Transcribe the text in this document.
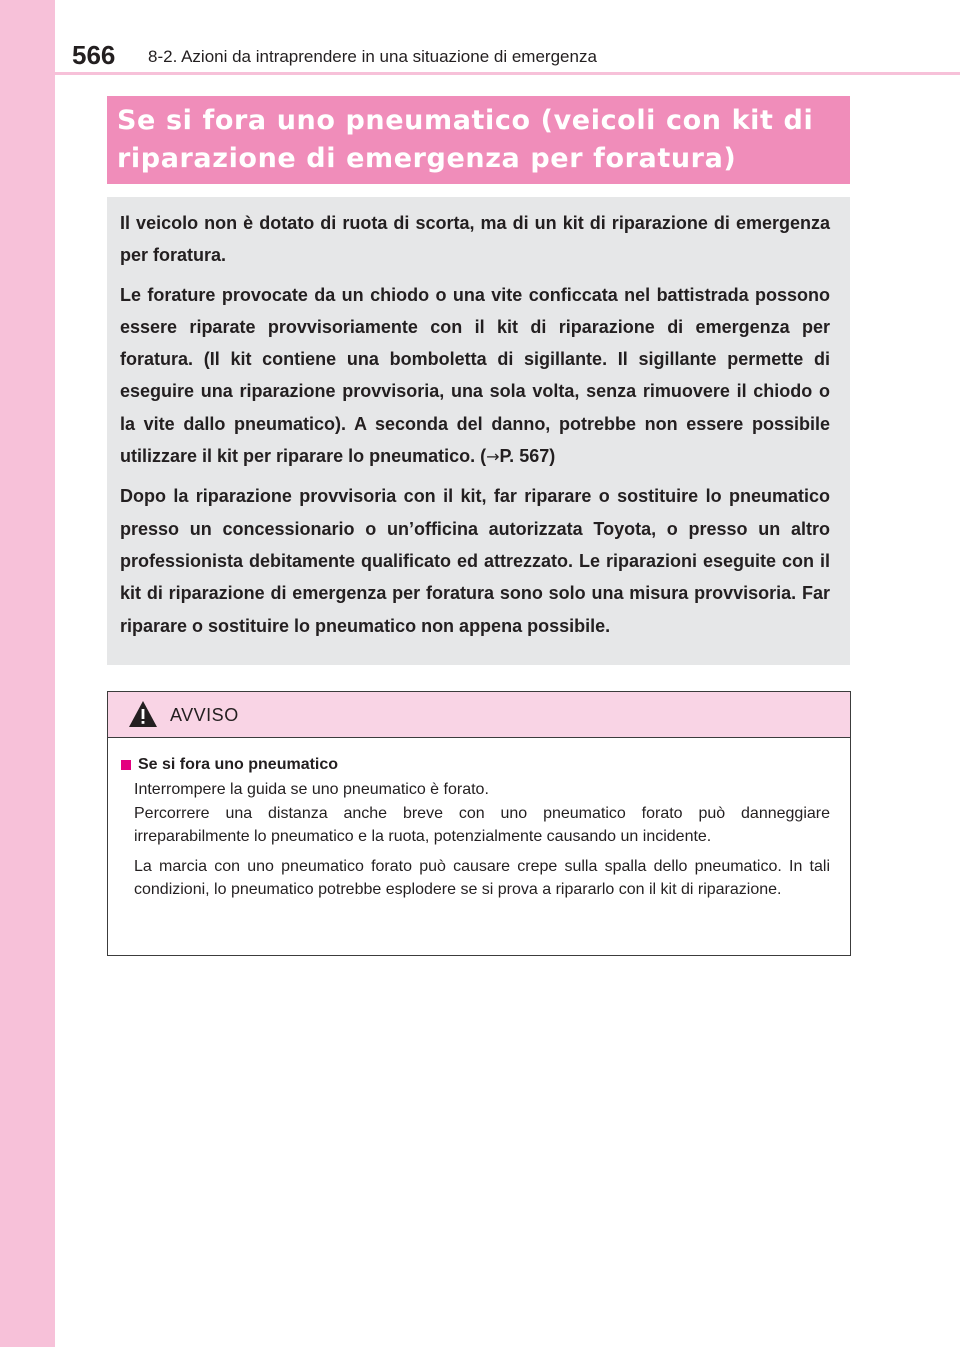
566 8-2. Azioni da intraprendere in una situazione di emergenza

Se si fora uno pneumatico (veicoli con kit di

riparazione di emergenza per foratura)

Il veicolo non è dotato di ruota di scorta, ma di un kit di riparazione di emergenza per foratura.

Le forature provocate da un chiodo o una vite conficcata nel battistrada possono essere riparate provvisoriamente con il kit di riparazione di emergenza per foratura. (Il kit contiene una bomboletta di sigillante. Il sigillante permette di eseguire una riparazione provvisoria, una sola volta, senza rimuovere il chiodo o la vite dallo pneumatico). A seconda del danno, potrebbe non essere possibile utilizzare il kit per riparare lo pneumatico. (→P. 567)

Dopo la riparazione provvisoria con il kit, far riparare o sostituire lo pneumatico presso un concessionario o un’officina autorizzata Toyota, o presso un altro professionista debitamente qualificato ed attrezzato. Le riparazioni eseguite con il kit di riparazione di emergenza per foratura sono solo una misura provvisoria. Far riparare o sostituire lo pneumatico non appena possibile.

AVVISO
Se si fora uno pneumatico

Interrompere la guida se uno pneumatico è forato.

Percorrere una distanza anche breve con uno pneumatico forato può danneggiare irreparabilmente lo pneumatico e la ruota, potenzialmente causando un incidente.

La marcia con uno pneumatico forato può causare crepe sulla spalla dello pneumatico. In tali condizioni, lo pneumatico potrebbe esplodere se si prova a ripararlo con il kit di riparazione.
